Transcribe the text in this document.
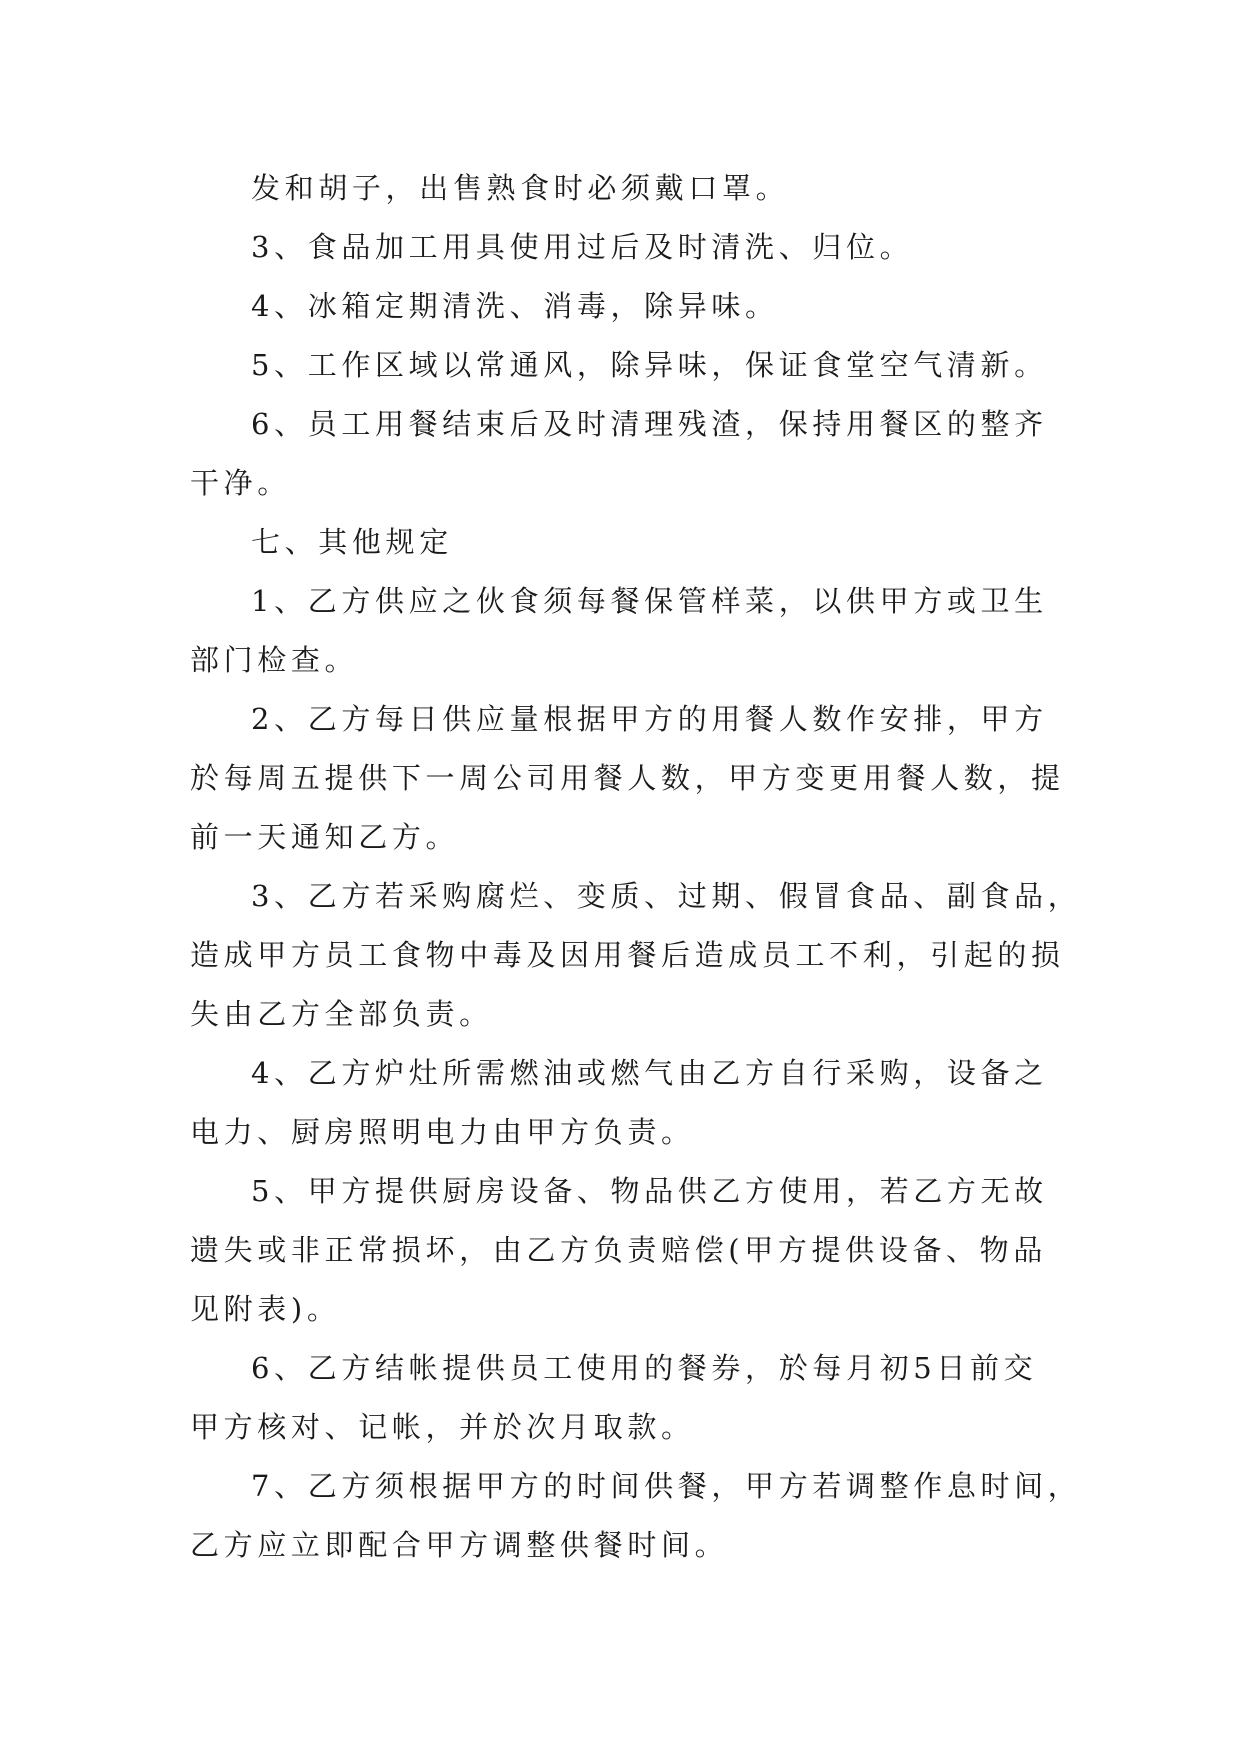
发和胡子，出售熟食时必须戴口罩。
3、食品加工用具使用过后及时清洗、归位。
4、冰箱定期清洗、消毒，除异味。
5、工作区域以常通风，除异味，保证食堂空气清新。
6、员工用餐结束后及时清理残渣，保持用餐区的整齐
干净。
七、其他规定
1、乙方供应之伙食须每餐保管样菜，以供甲方或卫生
部门检查。
2、乙方每日供应量根据甲方的用餐人数作安排，甲方
於每周五提供下一周公司用餐人数，甲方变更用餐人数，提
前一天通知乙方。
3、乙方若采购腐烂、变质、过期、假冒食品、副食品，
造成甲方员工食物中毒及因用餐后造成员工不利，引起的损
失由乙方全部负责。
4、乙方炉灶所需燃油或燃气由乙方自行采购，设备之
电力、厨房照明电力由甲方负责。
5、甲方提供厨房设备、物品供乙方使用，若乙方无故
遗失或非正常损坏，由乙方负责赔偿(甲方提供设备、物品
见附表)。
6、乙方结帐提供员工使用的餐券，於每月初5日前交
甲方核对、记帐，并於次月取款。
7、乙方须根据甲方的时间供餐，甲方若调整作息时间，
乙方应立即配合甲方调整供餐时间。
